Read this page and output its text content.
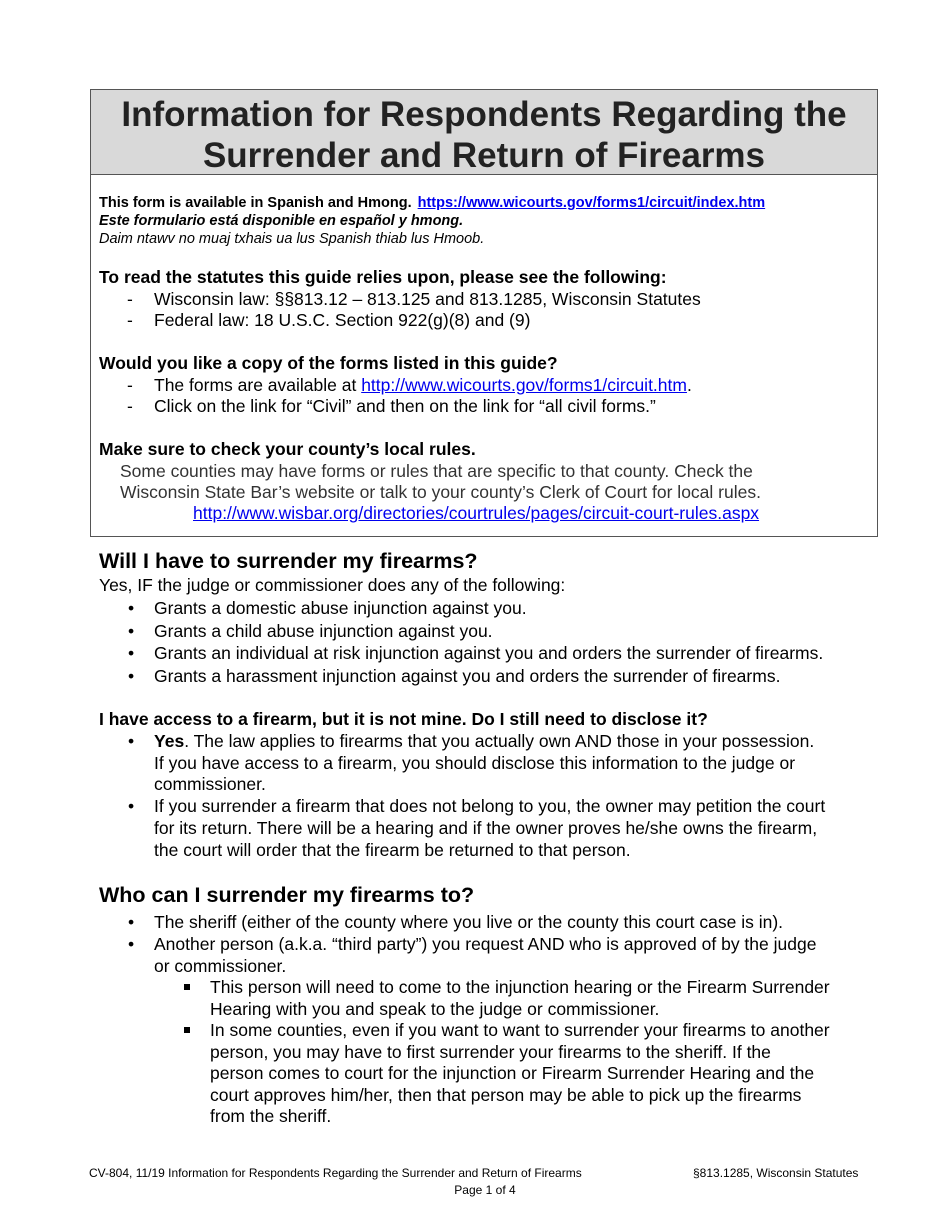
Information for Respondents Regarding the
Surrender and Return of Firearms
This form is available in Spanish and Hmong. https://www.wicourts.gov/forms1/circuit/index.htm
Este formulario está disponible en español y hmong.
Daim ntawv no muaj txhais ua lus Spanish thiab lus Hmoob.
To read the statutes this guide relies upon, please see the following:
- Wisconsin law: §§813.12 – 813.125 and 813.1285, Wisconsin Statutes
- Federal law: 18 U.S.C. Section 922(g)(8) and (9)
Would you like a copy of the forms listed in this guide?
- The forms are available at http://www.wicourts.gov/forms1/circuit.htm.
- Click on the link for “Civil” and then on the link for “all civil forms.”
Make sure to check your county’s local rules.
Some counties may have forms or rules that are specific to that county. Check the
Wisconsin State Bar’s website or talk to your county’s Clerk of Court for local rules.
http://www.wisbar.org/directories/courtrules/pages/circuit-court-rules.aspx
Will I have to surrender my firearms?
Yes, IF the judge or commissioner does any of the following:
• Grants a domestic abuse injunction against you.
• Grants a child abuse injunction against you.
• Grants an individual at risk injunction against you and orders the surrender of firearms.
• Grants a harassment injunction against you and orders the surrender of firearms.
I have access to a firearm, but it is not mine. Do I still need to disclose it?
• Yes. The law applies to firearms that you actually own AND those in your possession.
If you have access to a firearm, you should disclose this information to the judge or
commissioner.
• If you surrender a firearm that does not belong to you, the owner may petition the court
for its return. There will be a hearing and if the owner proves he/she owns the firearm,
the court will order that the firearm be returned to that person.
Who can I surrender my firearms to?
• The sheriff (either of the county where you live or the county this court case is in).
• Another person (a.k.a. “third party”) you request AND who is approved of by the judge
or commissioner.
This person will need to come to the injunction hearing or the Firearm Surrender
Hearing with you and speak to the judge or commissioner.
In some counties, even if you want to want to surrender your firearms to another
person, you may have to first surrender your firearms to the sheriff. If the
person comes to court for the injunction or Firearm Surrender Hearing and the
court approves him/her, then that person may be able to pick up the firearms
from the sheriff.
CV-804, 11/19 Information for Respondents Regarding the Surrender and Return of Firearms	§813.1285, Wisconsin Statutes
Page 1 of 4
